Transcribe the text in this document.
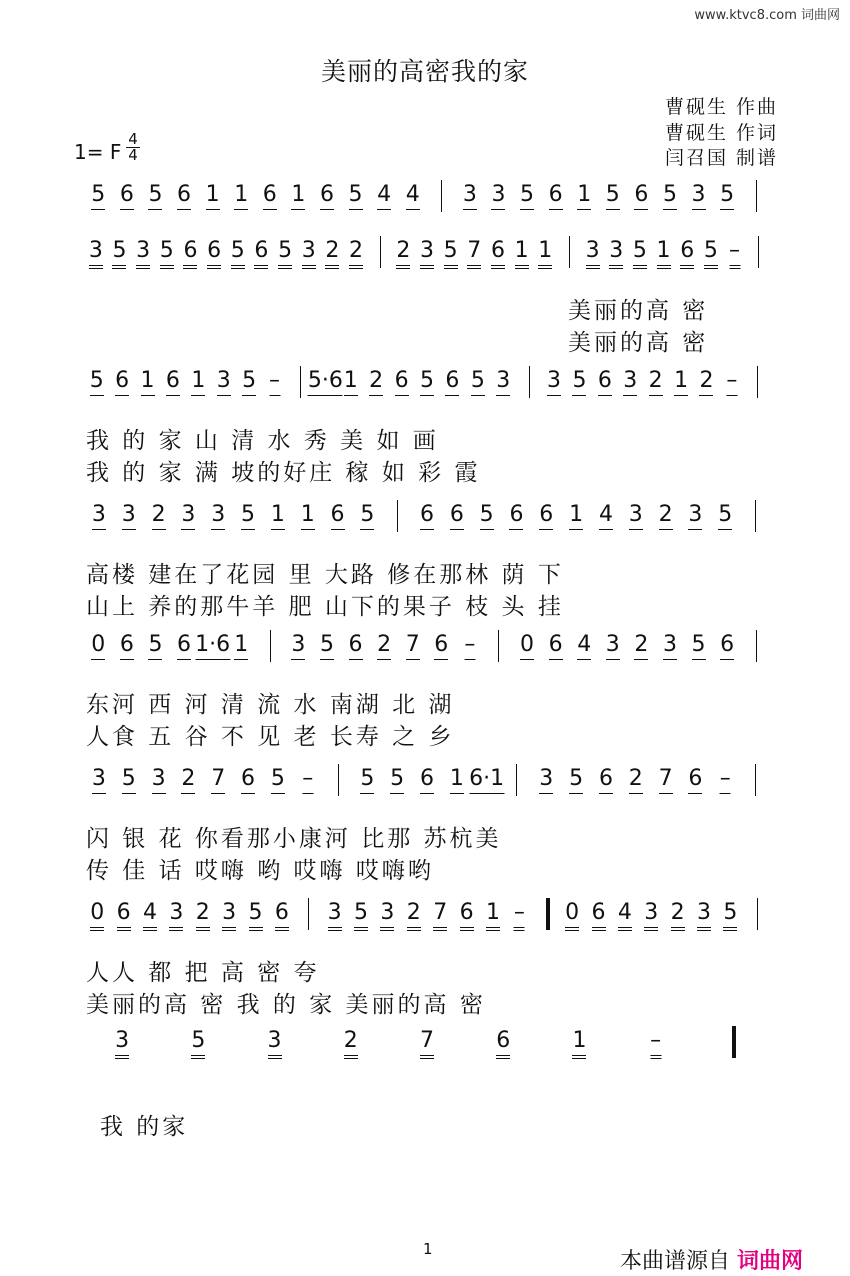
www.ktvc8.com 词曲网
美丽的高密我的家
曹砚生 作曲
曹砚生 作词
闫召国 制谱
1= F
4
4
5 6 5 6 1 1 6 1 6 5 4 4 3 3 5 6 1 5 6 5 3 5
3 5 3 5 6 6 5 6 5 3 2 2 2 3 5 7 6 1 1 3 3 5 1 6 5 –
美丽的高 密
美丽的高 密
5 6 1 6 1 3 5 – 5·6 1 2 6 5 6 5 3 3 5 6 3 2 1 2 –
我 的 家 山 清 水 秀 美 如 画
我 的 家 满 坡的好庄 稼 如 彩 霞
3 3 2 3 3 5 1 1 6 5 6 6 5 6 6 1 4 3 2 3 5
高楼 建在了花园 里 大路 修在那林 荫 下
山上 养的那牛羊 肥 山下的果子 枝 头 挂
0 6 5 6 1·6 1 3 5 6 2 7 6 – 0 6 4 3 2 3 5 6
东河 西 河 清 流 水 南湖 北 湖
人食 五 谷 不 见 老 长寿 之 乡
3 5 3 2 7 6 5 – 5 5 6 1 6·1 3 5 6 2 7 6 –
闪 银 花 你看那小康河 比那 苏杭美
传 佳 话 哎嗨 哟 哎嗨 哎嗨哟
0 6 4 3 2 3 5 6 3 5 3 2 7 6 1 – 0 6 4 3 2 3 5
人人 都 把 高 密 夸
美丽的高 密 我 的 家 美丽的高 密
3	5	3	2	7	6	1	–
我 的家
1	本曲谱源自 词曲网
